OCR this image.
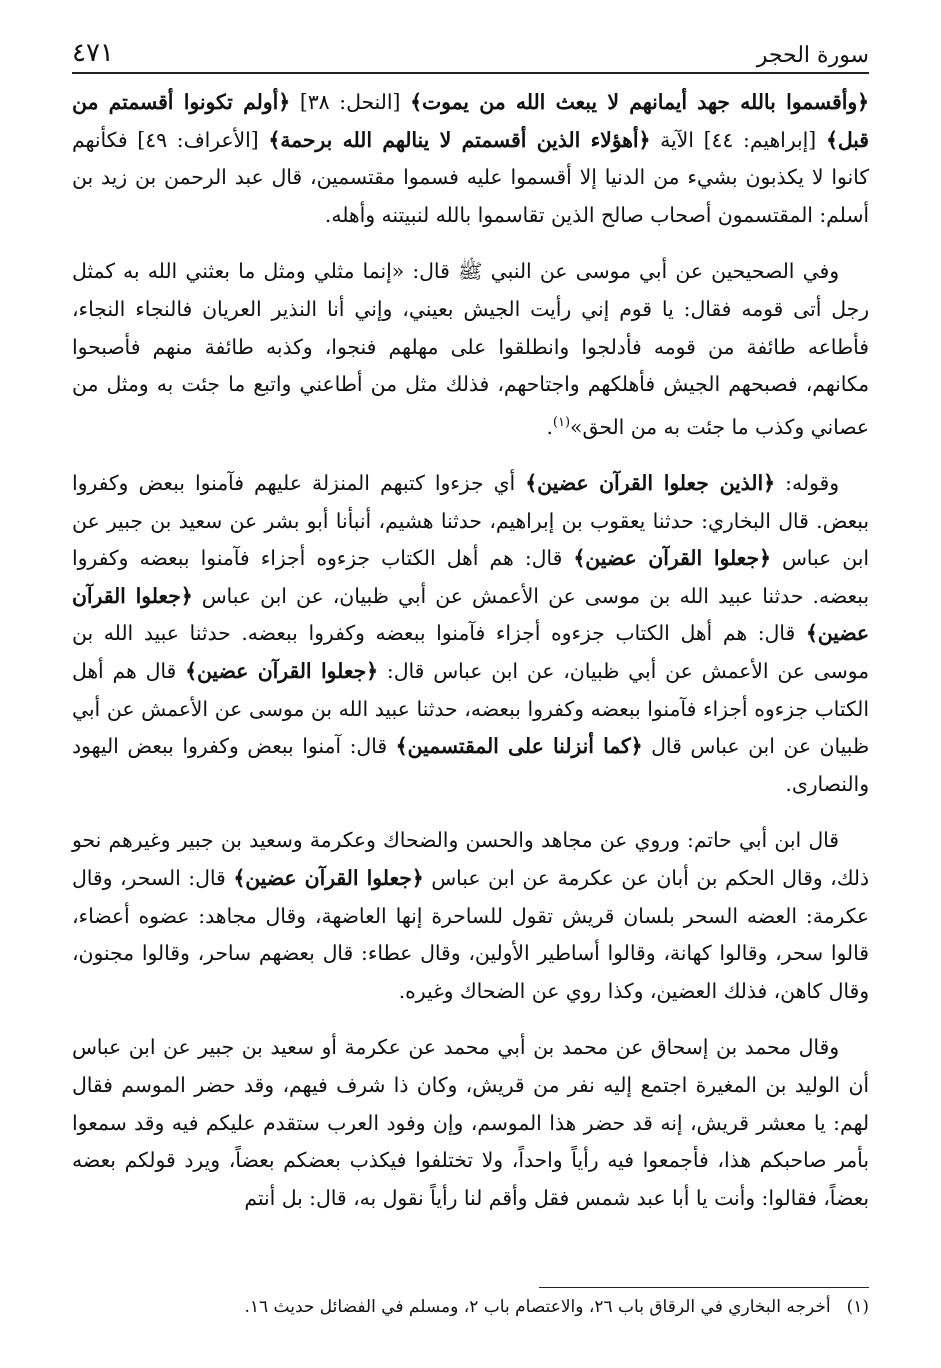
سورة الحجر
٤٧١

﴿وأقسموا بالله جهد أيمانهم لا يبعث الله من يموت﴾ [النحل: ٣٨] ﴿أولم تكونوا أقسمتم من قبل﴾ [إبراهيم: ٤٤] الآية ﴿أهؤلاء الذين أقسمتم لا ينالهم الله برحمة﴾ [الأعراف: ٤٩] فكأنهم كانوا لا يكذبون بشيء من الدنيا إلا أقسموا عليه فسموا مقتسمين، قال عبد الرحمن بن زيد بن أسلم: المقتسمون أصحاب صالح الذين تقاسموا بالله لنبيتنه وأهله.

وفي الصحيحين عن أبي موسى عن النبي ﷺ قال: «إنما مثلي ومثل ما بعثني الله به كمثل رجل أتى قومه فقال: يا قوم إني رأيت الجيش بعيني، وإني أنا النذير العريان فالنجاء النجاء، فأطاعه طائفة من قومه فأدلجوا وانطلقوا على مهلهم فنجوا، وكذبه طائفة منهم فأصبحوا مكانهم، فصبحهم الجيش فأهلكهم واجتاحهم، فذلك مثل من أطاعني واتبع ما جئت به ومثل من عصاني وكذب ما جئت به من الحق»$^{(١)}$.

وقوله: ﴿الذين جعلوا القرآن عضين﴾ أي جزءوا كتبهم المنزلة عليهم فآمنوا ببعض وكفروا ببعض. قال البخاري: حدثنا يعقوب بن إبراهيم، حدثنا هشيم، أنبأنا أبو بشر عن سعيد بن جبير عن ابن عباس ﴿جعلوا القرآن عضين﴾ قال: هم أهل الكتاب جزءوه أجزاء فآمنوا ببعضه وكفروا ببعضه. حدثنا عبيد الله بن موسى عن الأعمش عن أبي ظبيان، عن ابن عباس ﴿جعلوا القرآن عضين﴾ قال: هم أهل الكتاب جزءوه أجزاء فآمنوا ببعضه وكفروا ببعضه. حدثنا عبيد الله بن موسى عن الأعمش عن أبي ظبيان، عن ابن عباس قال: ﴿جعلوا القرآن عضين﴾ قال هم أهل الكتاب جزءوه أجزاء فآمنوا ببعضه وكفروا ببعضه، حدثنا عبيد الله بن موسى عن الأعمش عن أبي ظبيان عن ابن عباس قال ﴿كما أنزلنا على المقتسمين﴾ قال: آمنوا ببعض وكفروا ببعض اليهود والنصارى.

قال ابن أبي حاتم: وروي عن مجاهد والحسن والضحاك وعكرمة وسعيد بن جبير وغيرهم نحو ذلك، وقال الحكم بن أبان عن عكرمة عن ابن عباس ﴿جعلوا القرآن عضين﴾ قال: السحر، وقال عكرمة: العضه السحر بلسان قريش تقول للساحرة إنها العاضهة، وقال مجاهد: عضوه أعضاء، قالوا سحر، وقالوا كهانة، وقالوا أساطير الأولين، وقال عطاء: قال بعضهم ساحر، وقالوا مجنون، وقال كاهن، فذلك العضين، وكذا روي عن الضحاك وغيره.

وقال محمد بن إسحاق عن محمد بن أبي محمد عن عكرمة أو سعيد بن جبير عن ابن عباس أن الوليد بن المغيرة اجتمع إليه نفر من قريش، وكان ذا شرف فيهم، وقد حضر الموسم فقال لهم: يا معشر قريش، إنه قد حضر هذا الموسم، وإن وفود العرب ستقدم عليكم فيه وقد سمعوا بأمر صاحبكم هذا، فأجمعوا فيه رأياً واحداً، ولا تختلفوا فيكذب بعضكم بعضاً، ويرد قولكم بعضه بعضاً، فقالوا: وأنت يا أبا عبد شمس فقل وأقم لنا رأياً نقول به، قال: بل أنتم

(١)أخرجه البخاري في الرقاق باب ٢٦، والاعتصام باب ٢، ومسلم في الفضائل حديث ١٦.
